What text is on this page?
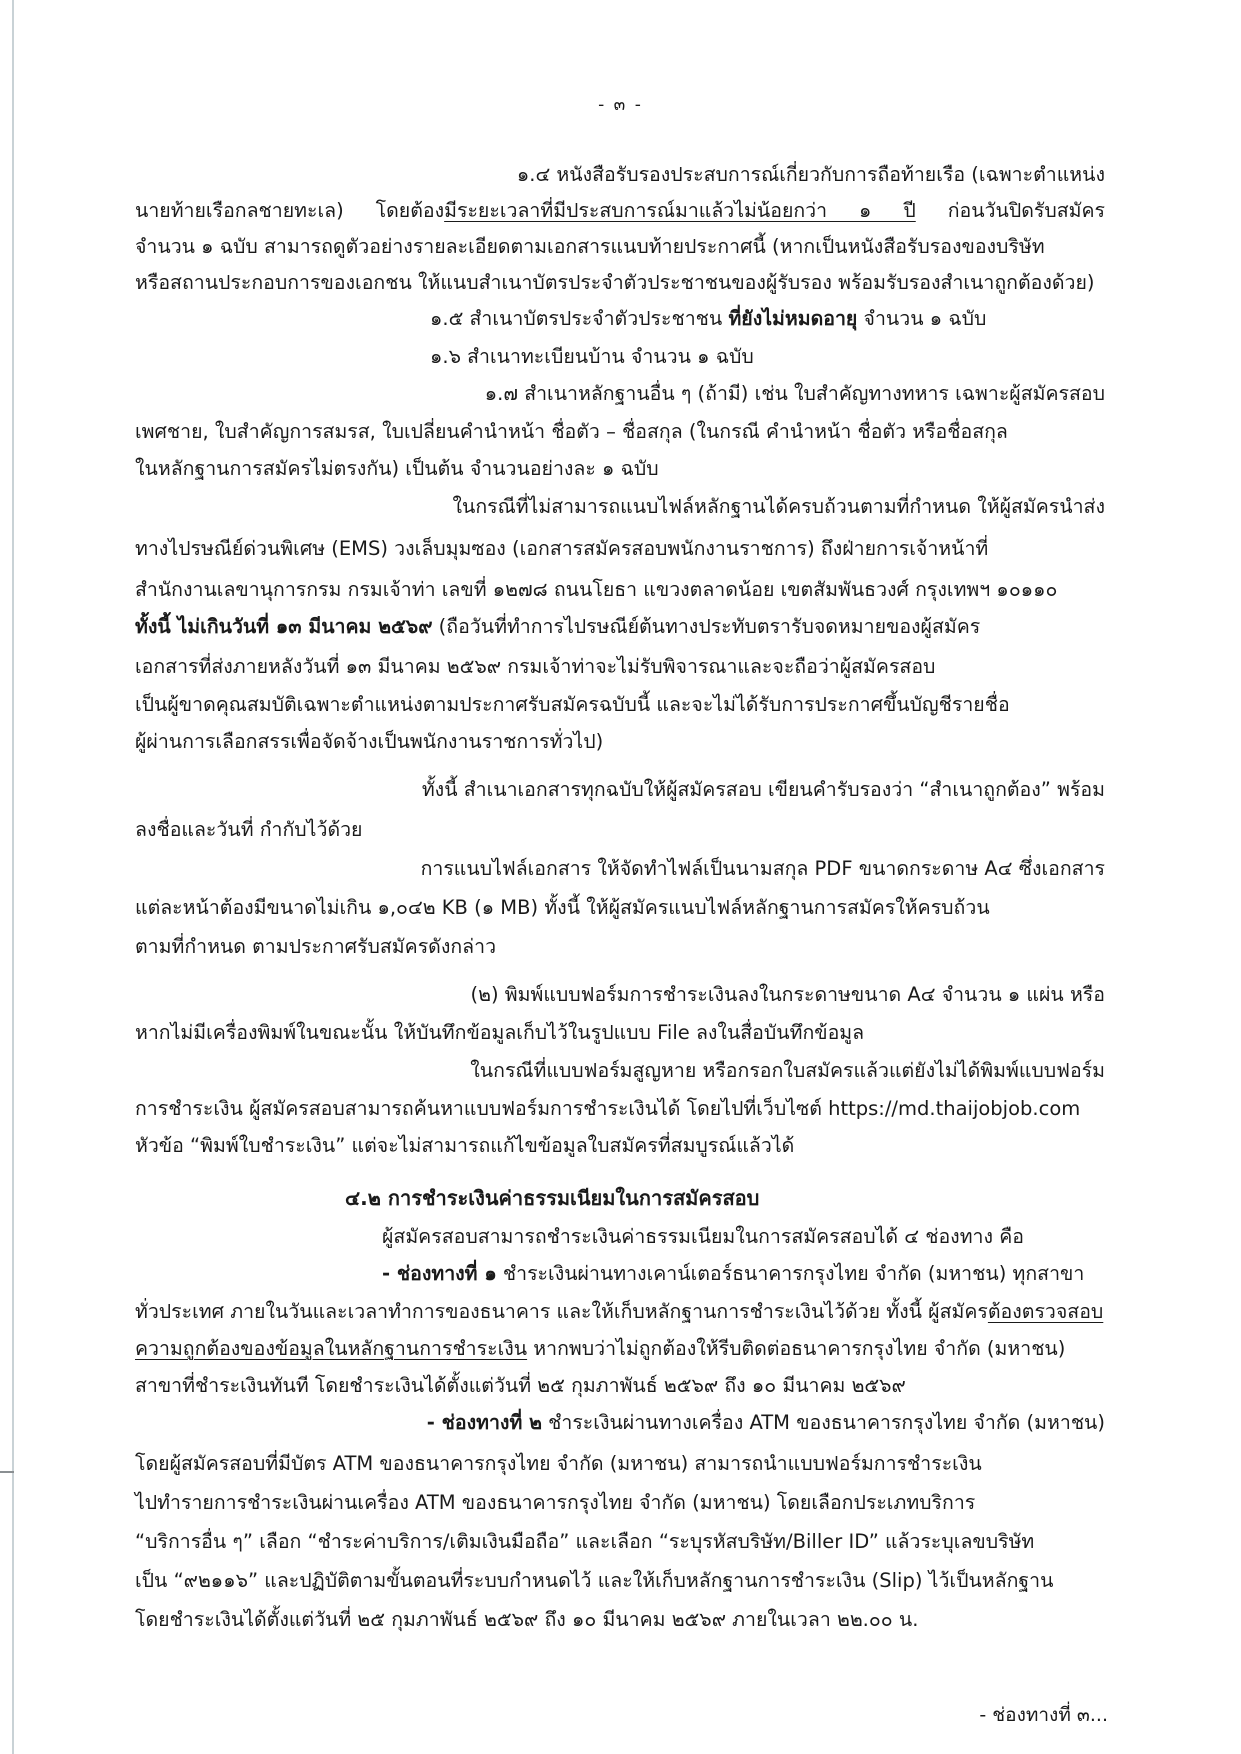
- ๓ -
๑.๔ หนังสือรับรองประสบการณ์เกี่ยวกับการถือท้ายเรือ (เฉพาะตำแหน่ง
นายท้ายเรือกลชายทะเล) โดยต้องมีระยะเวลาที่มีประสบการณ์มาแล้วไม่น้อยกว่า ๑ ปี ก่อนวันปิดรับสมัคร
จำนวน ๑ ฉบับ สามารถดูตัวอย่างรายละเอียดตามเอกสารแนบท้ายประกาศนี้ (หากเป็นหนังสือรับรองของบริษัท
หรือสถานประกอบการของเอกชน ให้แนบสำเนาบัตรประจำตัวประชาชนของผู้รับรอง พร้อมรับรองสำเนาถูกต้องด้วย)
๑.๕ สำเนาบัตรประจำตัวประชาชน ที่ยังไม่หมดอายุ จำนวน ๑ ฉบับ
๑.๖ สำเนาทะเบียนบ้าน จำนวน ๑ ฉบับ
๑.๗ สำเนาหลักฐานอื่น ๆ (ถ้ามี) เช่น ใบสำคัญทางทหาร เฉพาะผู้สมัครสอบ
เพศชาย, ใบสำคัญการสมรส, ใบเปลี่ยนคำนำหน้า ชื่อตัว – ชื่อสกุล (ในกรณี คำนำหน้า ชื่อตัว หรือชื่อสกุล
ในหลักฐานการสมัครไม่ตรงกัน) เป็นต้น จำนวนอย่างละ ๑ ฉบับ
ในกรณีที่ไม่สามารถแนบไฟล์หลักฐานได้ครบถ้วนตามที่กำหนด ให้ผู้สมัครนำส่ง
ทางไปรษณีย์ด่วนพิเศษ (EMS) วงเล็บมุมซอง (เอกสารสมัครสอบพนักงานราชการ) ถึงฝ่ายการเจ้าหน้าที่
สำนักงานเลขานุการกรม กรมเจ้าท่า เลขที่ ๑๒๗๘ ถนนโยธา แขวงตลาดน้อย เขตสัมพันธวงศ์ กรุงเทพฯ ๑๐๑๑๐
ทั้งนี้ ไม่เกินวันที่ ๑๓ มีนาคม ๒๕๖๙ (ถือวันที่ทำการไปรษณีย์ต้นทางประทับตรารับจดหมายของผู้สมัคร
เอกสารที่ส่งภายหลังวันที่ ๑๓ มีนาคม ๒๕๖๙ กรมเจ้าท่าจะไม่รับพิจารณาและจะถือว่าผู้สมัครสอบ
เป็นผู้ขาดคุณสมบัติเฉพาะตำแหน่งตามประกาศรับสมัครฉบับนี้ และจะไม่ได้รับการประกาศขึ้นบัญชีรายชื่อ
ผู้ผ่านการเลือกสรรเพื่อจัดจ้างเป็นพนักงานราชการทั่วไป)
ทั้งนี้ สำเนาเอกสารทุกฉบับให้ผู้สมัครสอบ เขียนคำรับรองว่า “สำเนาถูกต้อง” พร้อม
ลงชื่อและวันที่ กำกับไว้ด้วย
การแนบไฟล์เอกสาร ให้จัดทำไฟล์เป็นนามสกุล PDF ขนาดกระดาษ A๔ ซึ่งเอกสาร
แต่ละหน้าต้องมีขนาดไม่เกิน ๑,๐๔๒ KB (๑ MB) ทั้งนี้ ให้ผู้สมัครแนบไฟล์หลักฐานการสมัครให้ครบถ้วน
ตามที่กำหนด ตามประกาศรับสมัครดังกล่าว
(๒) พิมพ์แบบฟอร์มการชำระเงินลงในกระดาษขนาด A๔ จำนวน ๑ แผ่น หรือ
หากไม่มีเครื่องพิมพ์ในขณะนั้น ให้บันทึกข้อมูลเก็บไว้ในรูปแบบ File ลงในสื่อบันทึกข้อมูล
ในกรณีที่แบบฟอร์มสูญหาย หรือกรอกใบสมัครแล้วแต่ยังไม่ได้พิมพ์แบบฟอร์ม
การชำระเงิน ผู้สมัครสอบสามารถค้นหาแบบฟอร์มการชำระเงินได้ โดยไปที่เว็บไซต์ https://md.thaijobjob.com
หัวข้อ “พิมพ์ใบชำระเงิน” แต่จะไม่สามารถแก้ไขข้อมูลใบสมัครที่สมบูรณ์แล้วได้
๔.๒ การชำระเงินค่าธรรมเนียมในการสมัครสอบ
ผู้สมัครสอบสามารถชำระเงินค่าธรรมเนียมในการสมัครสอบได้ ๔ ช่องทาง คือ
- ช่องทางที่ ๑ ชำระเงินผ่านทางเคาน์เตอร์ธนาคารกรุงไทย จำกัด (มหาชน) ทุกสาขา
ทั่วประเทศ ภายในวันและเวลาทำการของธนาคาร และให้เก็บหลักฐานการชำระเงินไว้ด้วย ทั้งนี้ ผู้สมัครต้องตรวจสอบ
ความถูกต้องของข้อมูลในหลักฐานการชำระเงิน หากพบว่าไม่ถูกต้องให้รีบติดต่อธนาคารกรุงไทย จำกัด (มหาชน)
สาขาที่ชำระเงินทันที โดยชำระเงินได้ตั้งแต่วันที่ ๒๕ กุมภาพันธ์ ๒๕๖๙ ถึง ๑๐ มีนาคม ๒๕๖๙
- ช่องทางที่ ๒ ชำระเงินผ่านทางเครื่อง ATM ของธนาคารกรุงไทย จำกัด (มหาชน)
โดยผู้สมัครสอบที่มีบัตร ATM ของธนาคารกรุงไทย จำกัด (มหาชน) สามารถนำแบบฟอร์มการชำระเงิน
ไปทำรายการชำระเงินผ่านเครื่อง ATM ของธนาคารกรุงไทย จำกัด (มหาชน) โดยเลือกประเภทบริการ
“บริการอื่น ๆ” เลือก “ชำระค่าบริการ/เติมเงินมือถือ” และเลือก “ระบุรหัสบริษัท/Biller ID” แล้วระบุเลขบริษัท
เป็น “๙๒๑๑๖” และปฏิบัติตามขั้นตอนที่ระบบกำหนดไว้ และให้เก็บหลักฐานการชำระเงิน (Slip) ไว้เป็นหลักฐาน
โดยชำระเงินได้ตั้งแต่วันที่ ๒๕ กุมภาพันธ์ ๒๕๖๙ ถึง ๑๐ มีนาคม ๒๕๖๙ ภายในเวลา ๒๒.๐๐ น.
- ช่องทางที่ ๓...
